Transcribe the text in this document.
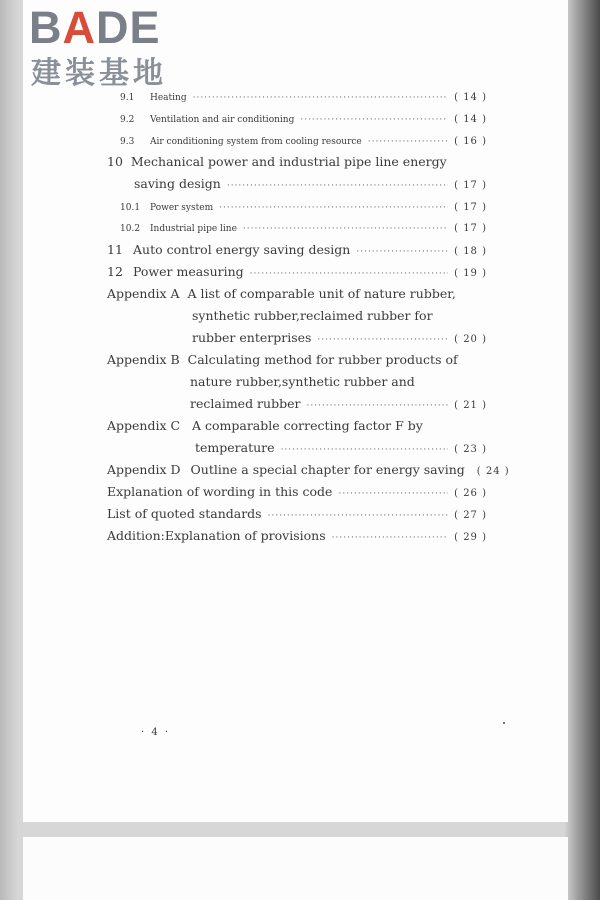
BADE
建装基地
9.1	Heating ·····	( 14 )
9.2	Ventilation and air conditioning ·····	( 14 )
9.3	Air conditioning system from cooling resource ·····	( 16 )
10 Mechanical power and industrial pipe line energy
saving design ·····	( 17 )
10.1	Power system ·····	( 17 )
10.2	Industrial pipe line ·····	( 17 )
11 Auto control energy saving design ·····	( 18 )
12 Power measuring ·····	( 19 )
Appendix A A list of comparable unit of nature rubber,
synthetic rubber,reclaimed rubber for
rubber enterprises ·····	( 20 )
Appendix B Calculating method for rubber products of
nature rubber,synthetic rubber and
reclaimed rubber ·····	( 21 )
Appendix C A comparable correcting factor F by
temperature ·····	( 23 )
Appendix D Outline a special chapter for energy saving ( 24 )
Explanation of wording in this code ·····	( 26 )
List of quoted standards ·····	( 27 )
Addition:Explanation of provisions ·····	( 29 )
· 4 ·
